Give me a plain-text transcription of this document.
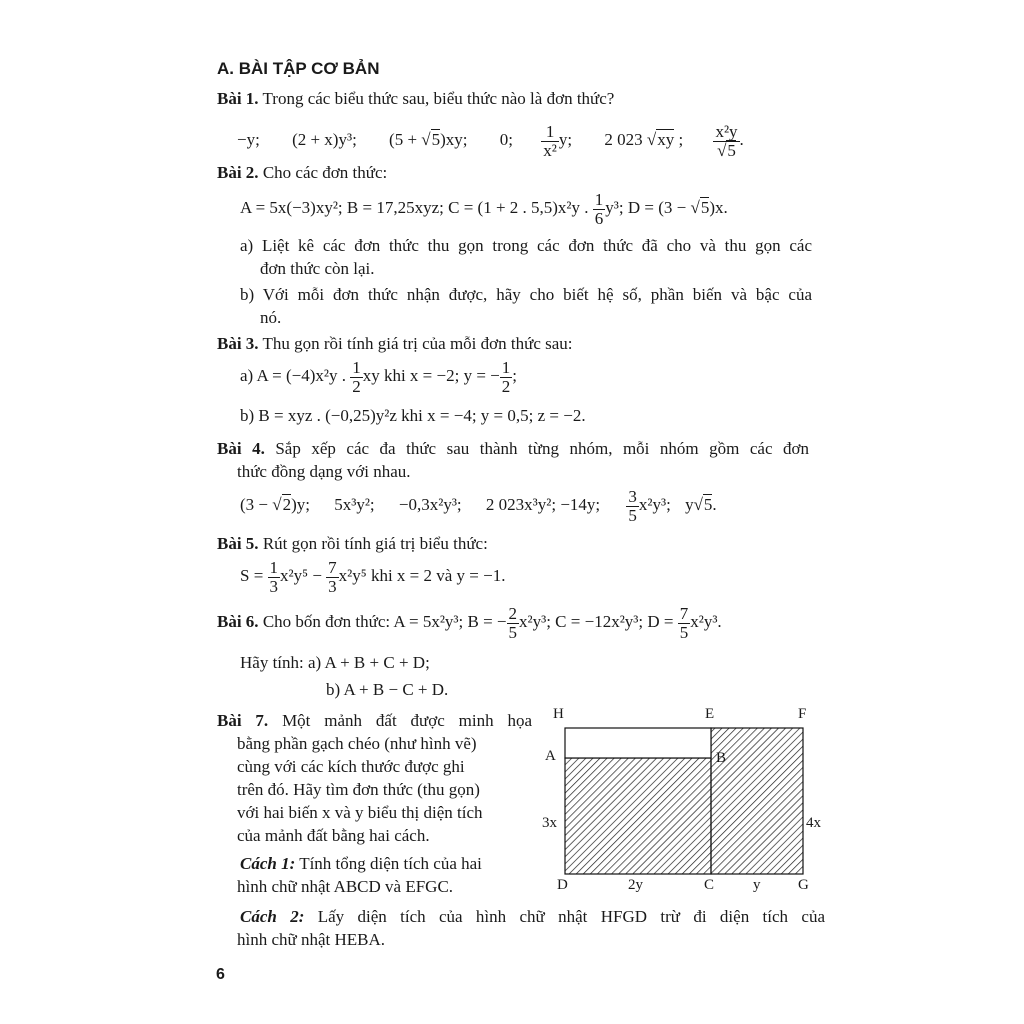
A. BÀI TẬP CƠ BẢN
Bài 1. Trong các biểu thức sau, biểu thức nào là đơn thức?
−y; (2 + x)y³; (5 + √ 5)xy; 0; $\frac{1}{\text{x²}} y$; 2 023 √ xy ; x²y
√ 5 .
Bài 2. Cho các đơn thức:
A = 5x(−3)xy²; B = 17,25xyz; C = (1 + 2 . 5,5)x²y . $\frac{1}{6} y^3$; D = (3 − √ 5)x.
a) Liệt kê các đơn thức thu gọn trong các đơn thức đã cho và thu gọn các
đơn thức còn lại.
b) Với mỗi đơn thức nhận được, hãy cho biết hệ số, phần biến và bậc của
nó.
Bài 3. Thu gọn rồi tính giá trị của mỗi đơn thức sau:
a) A = (−4)x²y . $\frac{1}{2}$ xy khi x = −2; y = − $\frac{1}{2}$ ;
b) B = xyz . (−0,25)y²z khi x = −4; y = 0,5; z = −2.
Bài 4. Sắp xếp các đa thức sau thành từng nhóm, mỗi nhóm gồm các đơn
thức đồng dạng với nhau.
(3 − √ 2)y; 5x³y²; −0,3x²y³; 2 023x³y²; −14y; $\frac{3}{5} x^2y^3$; y √ 5.
Bài 5. Rút gọn rồi tính giá trị biểu thức:
$S = \frac{1}{3} x^2y^5 - \frac{7}{3} x^2y^5$ khi x = 2 và y = −1.
Bài 6. Cho bốn đơn thức: A = 5x²y³; B = − $\frac{2}{5} x^2y^3$; C = −12x²y³; $D = \frac{7}{5} x^2y^3$.
Hãy tính: a) A + B + C + D;
b) A + B − C + D.
Bài 7. Một mảnh đất được minh họa
bằng phần gạch chéo (như hình vẽ)
cùng với các kích thước được ghi
trên đó. Hãy tìm đơn thức (thu gọn)
với hai biến x và y biểu thị diện tích
của mảnh đất bằng hai cách.
Cách 1: Tính tổng diện tích của hai
hình chữ nhật ABCD và EFGC.
Cách 2: Lấy diện tích của hình chữ nhật HFGD trừ đi diện tích của
hình chữ nhật HEBA.
H	E	F
A	B
3x	4x
D	2y	C	y	G
6
